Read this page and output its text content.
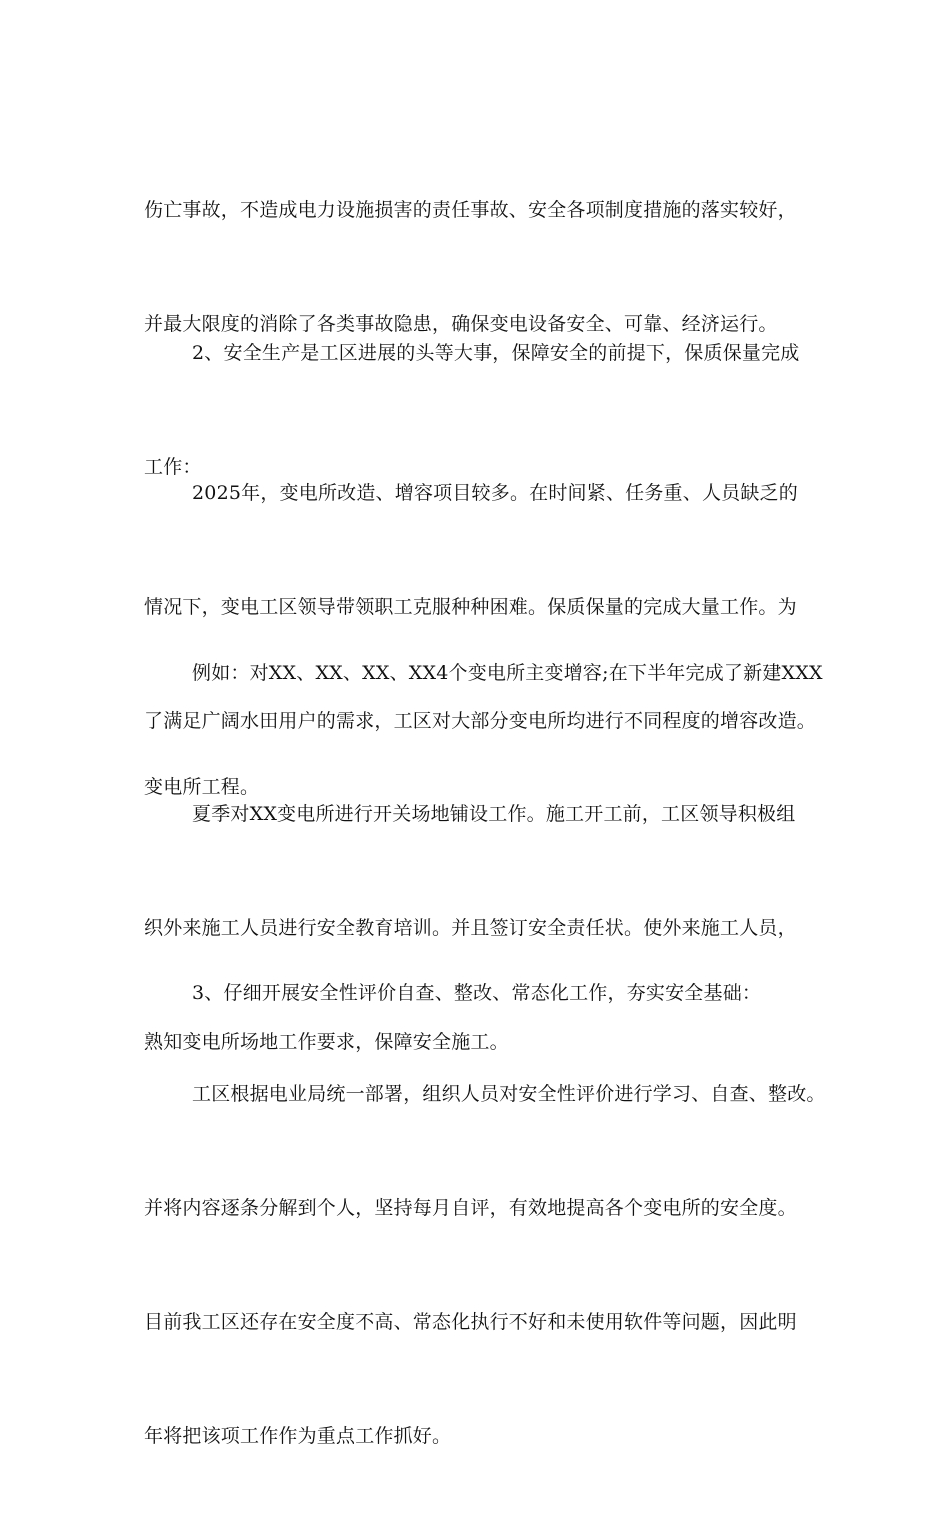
伤亡事故，不造成电力设施损害的责任事故、安全各项制度措施的落实较好，

并最大限度的消除了各类事故隐患，确保变电设备安全、可靠、经济运行。

2、安全生产是工区进展的头等大事，保障安全的前提下，保质保量完成

工作：

2025年，变电所改造、增容项目较多。在时间紧、任务重、人员缺乏的

情况下，变电工区领导带领职工克服种种困难。保质保量的完成大量工作。为

了满足广阔水田用户的需求，工区对大部分变电所均进行不同程度的增容改造。

例如：对XX、XX、XX、XX4个变电所主变增容;在下半年完成了新建XXX

变电所工程。

夏季对XX变电所进行开关场地铺设工作。施工开工前，工区领导积极组

织外来施工人员进行安全教育培训。并且签订安全责任状。使外来施工人员，

熟知变电所场地工作要求，保障安全施工。

3、仔细开展安全性评价自查、整改、常态化工作，夯实安全基础：

工区根据电业局统一部署，组织人员对安全性评价进行学习、自查、整改。

并将内容逐条分解到个人，坚持每月自评，有效地提高各个变电所的安全度。

目前我工区还存在安全度不高、常态化执行不好和未使用软件等问题，因此明

年将把该项工作作为重点工作抓好。
